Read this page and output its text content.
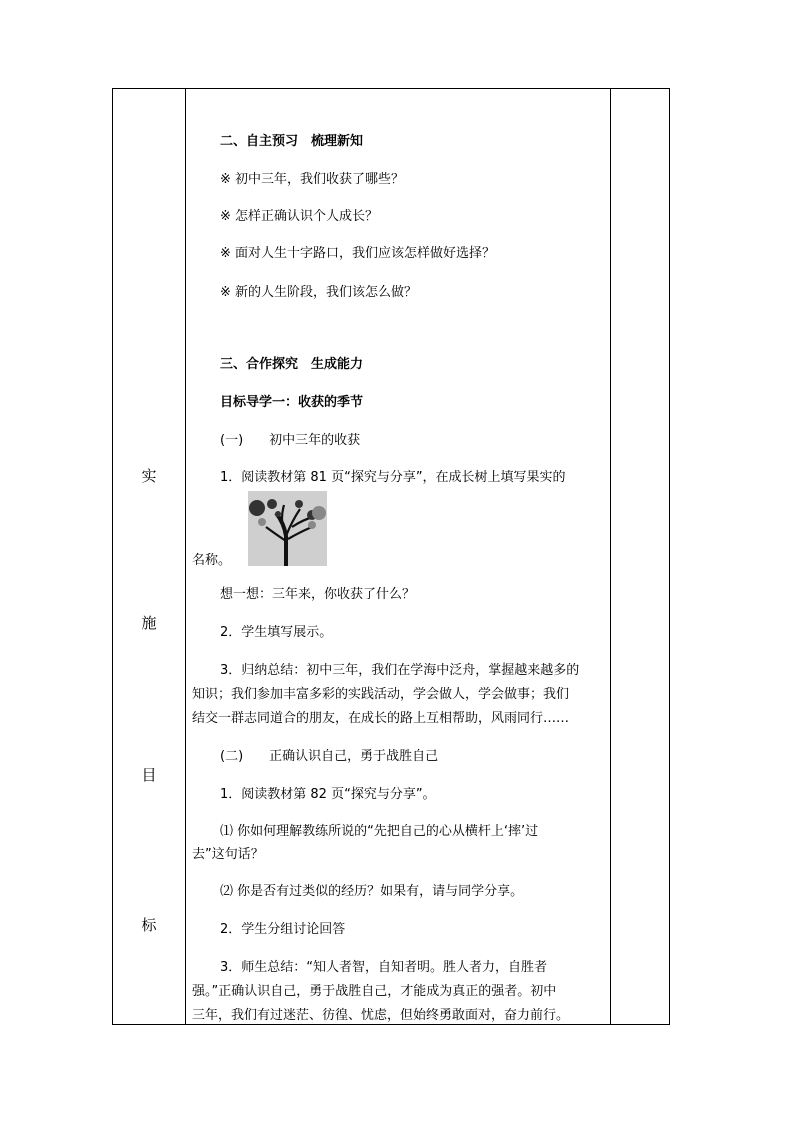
实
施
目
标
二、自主预习　梳理新知
※ 初中三年，我们收获了哪些？
※ 怎样正确认识个人成长？
※ 面对人生十字路口，我们应该怎样做好选择？
※ 新的人生阶段，我们该怎么做？
三、合作探究　生成能力
目标导学一：收获的季节
(一)　　初中三年的收获
1．阅读教材第 81 页“探究与分享”，在成长树上填写果实的
名称。
想一想：三年来，你收获了什么？
2．学生填写展示。
3．归纳总结：初中三年，我们在学海中泛舟，掌握越来越多的
知识；我们参加丰富多彩的实践活动，学会做人，学会做事；我们
结交一群志同道合的朋友，在成长的路上互相帮助，风雨同行……
(二)　　正确认识自己，勇于战胜自己
1．阅读教材第 82 页“探究与分享”。
⑴ 你如何理解教练所说的“先把自己的心从横杆上‘摔’过
去”这句话？
⑵ 你是否有过类似的经历？如果有，请与同学分享。
2．学生分组讨论回答
3．师生总结：“知人者智，自知者明。胜人者力，自胜者
强。”正确认识自己，勇于战胜自己，才能成为真正的强者。初中
三年，我们有过迷茫、彷徨、忧虑，但始终勇敢面对，奋力前行。
